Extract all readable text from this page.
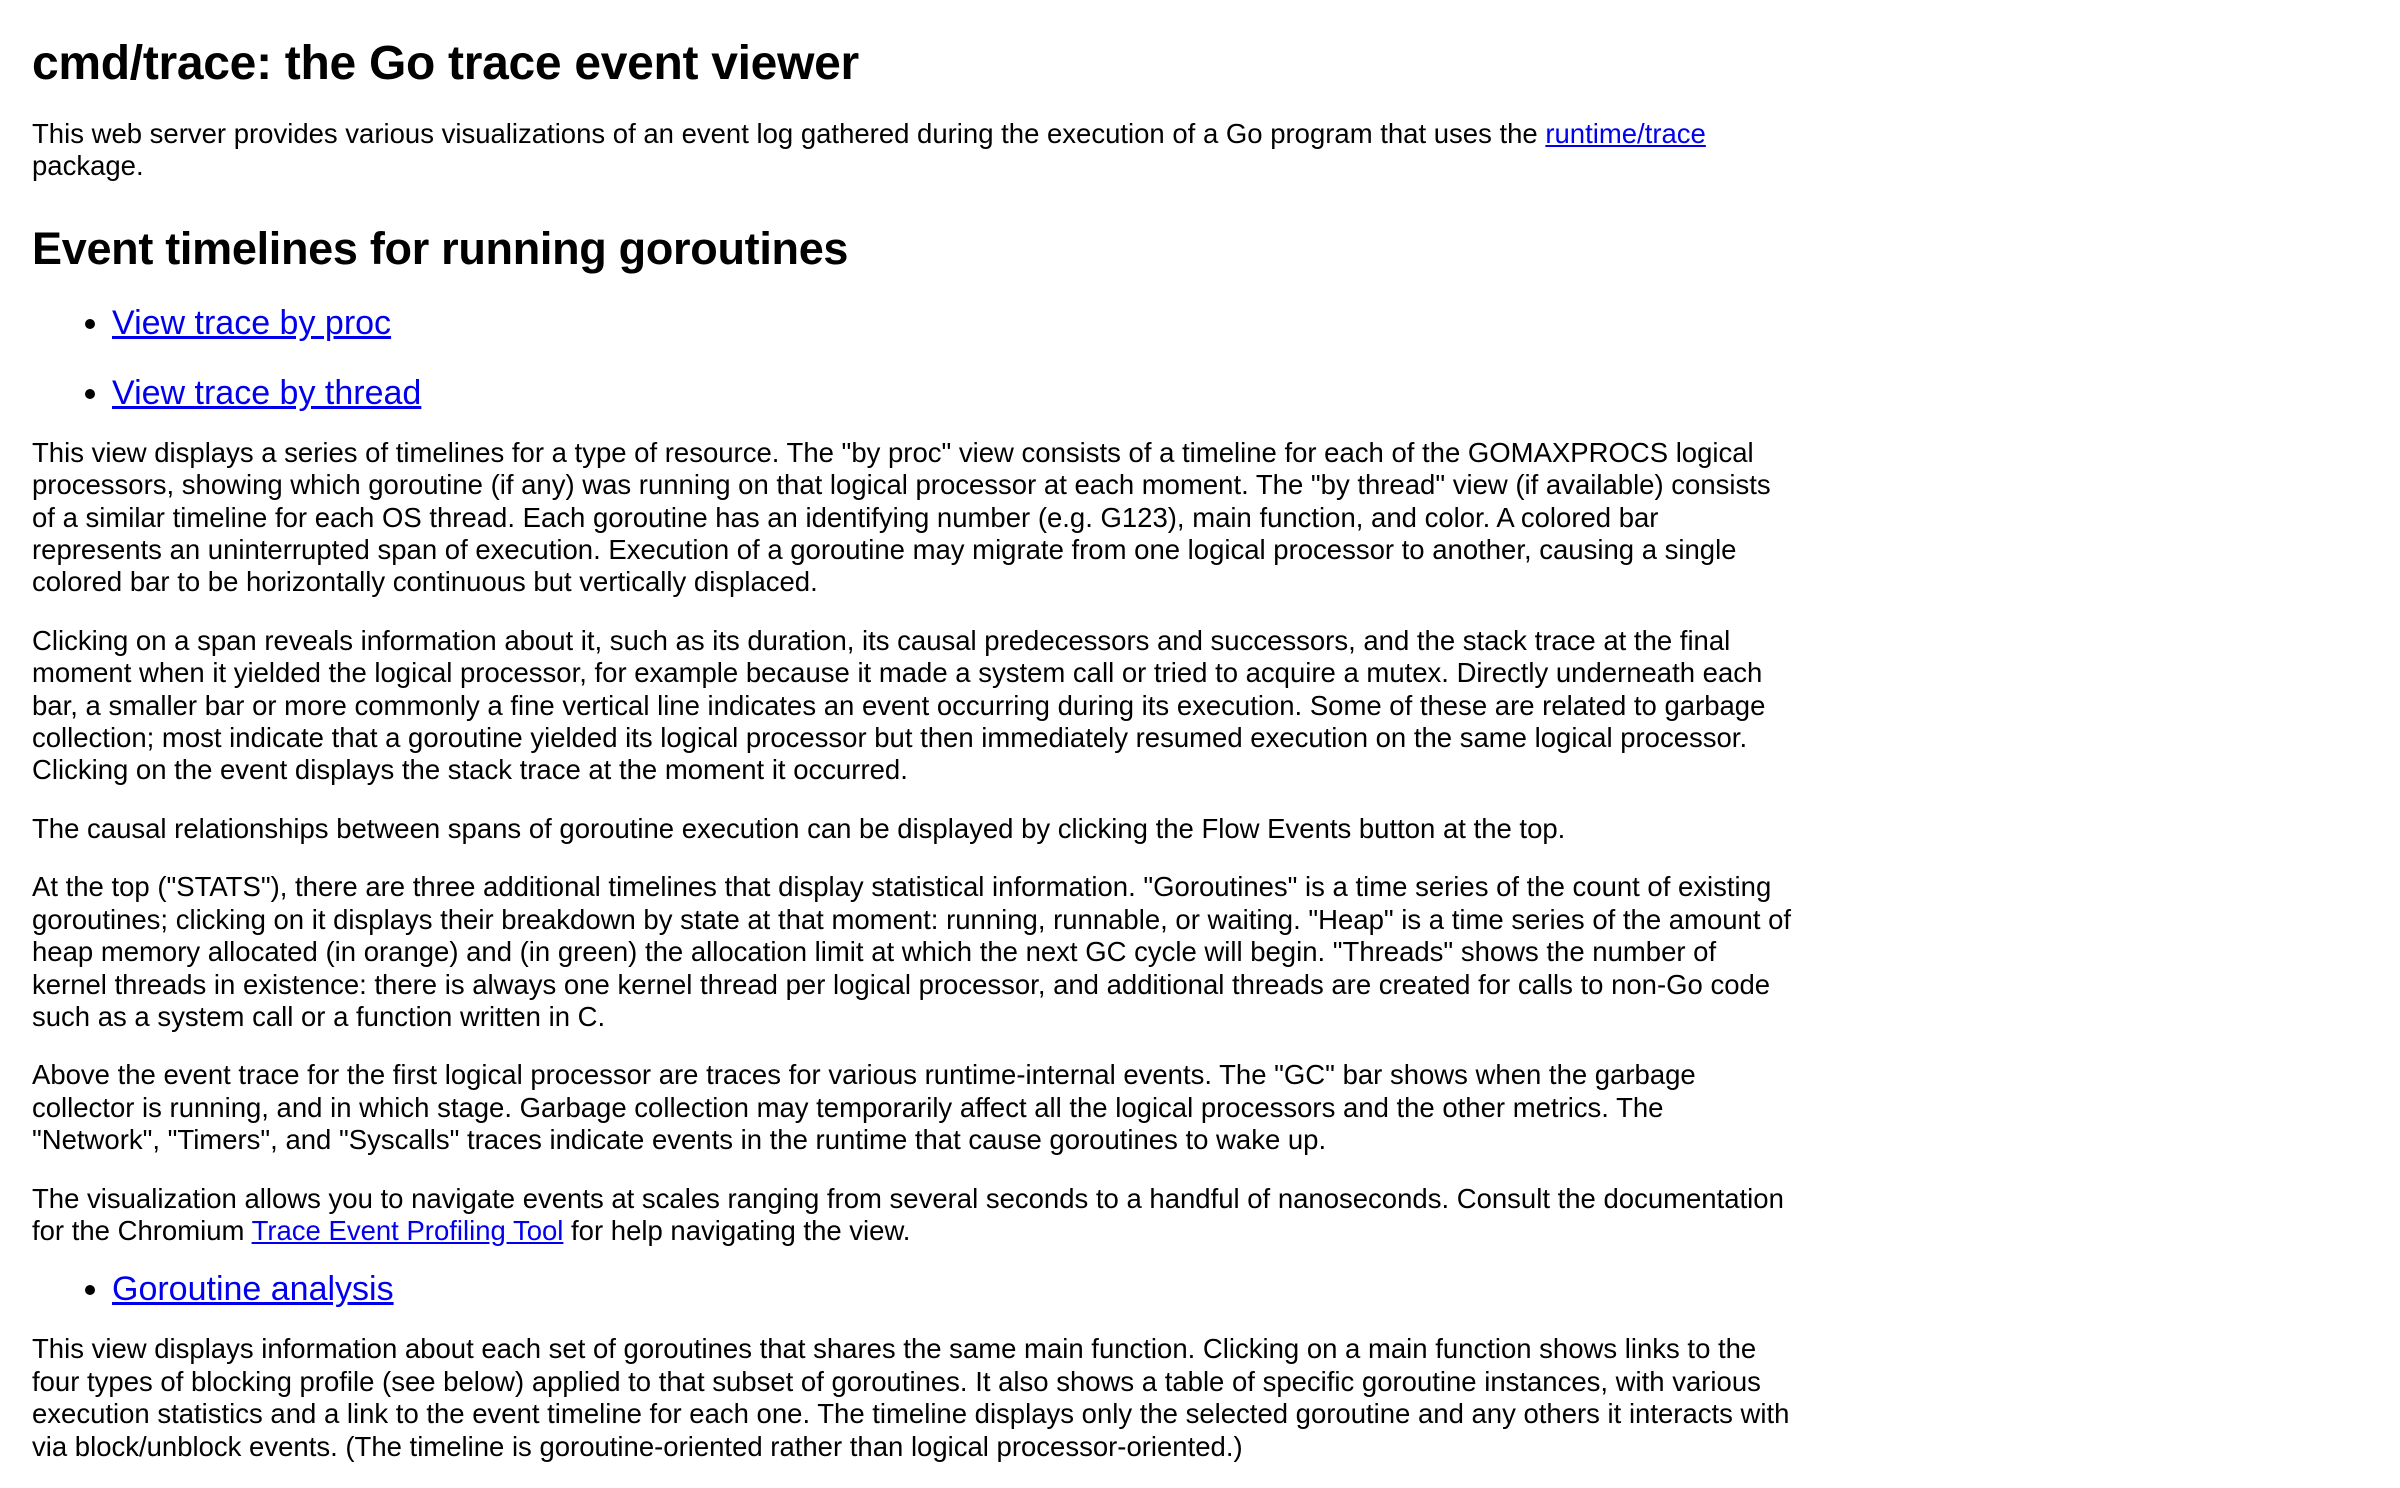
cmd/trace: the Go trace event viewer

This web server provides various visualizations of an event log gathered during the execution of a Go program that uses the runtime/trace package.

Event timelines for running goroutines
• View trace by proc
• View trace by thread

This view displays a series of timelines for a type of resource. The "by proc" view consists of a timeline for each of the GOMAXPROCS logical processors, showing which goroutine (if any) was running on that logical processor at each moment. The "by thread" view (if available) consists of a similar timeline for each OS thread. Each goroutine has an identifying number (e.g. G123), main function, and color. A colored bar represents an uninterrupted span of execution. Execution of a goroutine may migrate from one logical processor to another, causing a single colored bar to be horizontally continuous but vertically displaced.

Clicking on a span reveals information about it, such as its duration, its causal predecessors and successors, and the stack trace at the final moment when it yielded the logical processor, for example because it made a system call or tried to acquire a mutex. Directly underneath each bar, a smaller bar or more commonly a fine vertical line indicates an event occurring during its execution. Some of these are related to garbage collection; most indicate that a goroutine yielded its logical processor but then immediately resumed execution on the same logical processor. Clicking on the event displays the stack trace at the moment it occurred.

The causal relationships between spans of goroutine execution can be displayed by clicking the Flow Events button at the top.

At the top ("STATS"), there are three additional timelines that display statistical information. "Goroutines" is a time series of the count of existing goroutines; clicking on it displays their breakdown by state at that moment: running, runnable, or waiting. "Heap" is a time series of the amount of heap memory allocated (in orange) and (in green) the allocation limit at which the next GC cycle will begin. "Threads" shows the number of kernel threads in existence: there is always one kernel thread per logical processor, and additional threads are created for calls to non-Go code such as a system call or a function written in C.

Above the event trace for the first logical processor are traces for various runtime-internal events. The "GC" bar shows when the garbage collector is running, and in which stage. Garbage collection may temporarily affect all the logical processors and the other metrics. The "Network", "Timers", and "Syscalls" traces indicate events in the runtime that cause goroutines to wake up.

The visualization allows you to navigate events at scales ranging from several seconds to a handful of nanoseconds. Consult the documentation for the Chromium Trace Event Profiling Tool for help navigating the view.

• Goroutine analysis

This view displays information about each set of goroutines that shares the same main function. Clicking on a main function shows links to the four types of blocking profile (see below) applied to that subset of goroutines. It also shows a table of specific goroutine instances, with various execution statistics and a link to the event timeline for each one. The timeline displays only the selected goroutine and any others it interacts with via block/unblock events. (The timeline is goroutine-oriented rather than logical processor-oriented.)
